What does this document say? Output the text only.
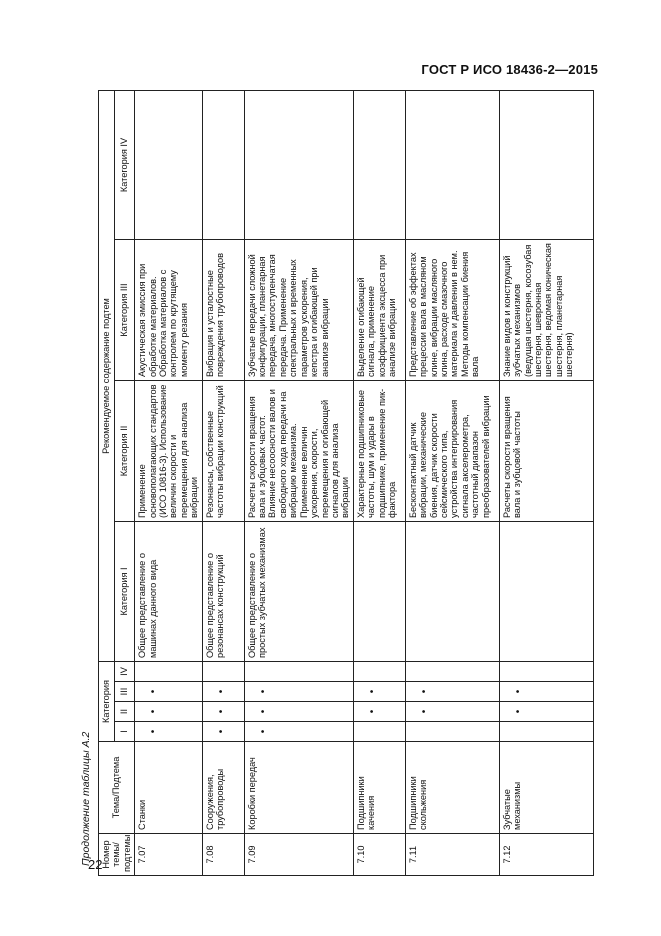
ГОСТ Р ИСО 18436-2—2015
22
Продолжение таблицы А.2 Номер темы/ подтемы	Тема/Подтема	Категория				Рекомендуемое содержание подтем			
		I	II	III	IV	Категория I	Категория II	Категория III	Категория IV

7.07	Станки	•	•	•		Общее представление о машинах данного вида	Применение основополагающих стандартов (ИСО 10816-3). Использование величин скорости и перемещения для анализа вибрации	Акустическая эмиссия при обработке материалов. Обработка материалов с контролем по крутящему моменту резания	
7.08	Сооружения, трубопроводы	•	•	•		Общее представление о резонансах конструкций	Резонансы, собственные частоты вибрации конструкций	Вибрация и усталостные повреждения трубопроводов	
7.09	Коробки передач	•	•	•		Общее представление о простых зубчатых механизмах	Расчеты скорости вращения вала и зубцовых частот. Влияние несоосности валов и свободного хода передачи на вибрацию механизма. Применение величин ускорения, скорости, перемещения и огибающей сигналов для анализа вибрации	Зубчатые передачи сложной конфигурации, планетарная передача, многоступенчатая передача. Применение спектральных и временных параметров ускорения, кепстра и огибающей при анализе вибрации	
7.10	Подшипники качения		•	•			Характерные подшипниковые частоты, шум и удары в подшипнике, применение пик-фактора	Выделение огибающей сигнала, применение коэффициента эксцесса при анализе вибрации	
7.11	Подшипники скольжения		•	•			Бесконтактный датчик вибрации, механические биения, датчик скорости сейсмического типа, устройства интегрирования сигнала акселерометра, частотный диапазон преобразователей вибрации	Представление об эффектах прецессии вала в масляном клине, вибрации масляного клина, расходе смазочного материала и давлении в нем. Методы компенсации биения вала	
7.12	Зубчатые механизмы		•	•			Расчеты скорости вращения вала и зубцовой частоты	Знание видов и конструкций зубчатых механизмов (ведущая шестерня, косозубая шестерня, шевронная шестерня, ведомая коническая шестерня, планетарная шестерня)	
